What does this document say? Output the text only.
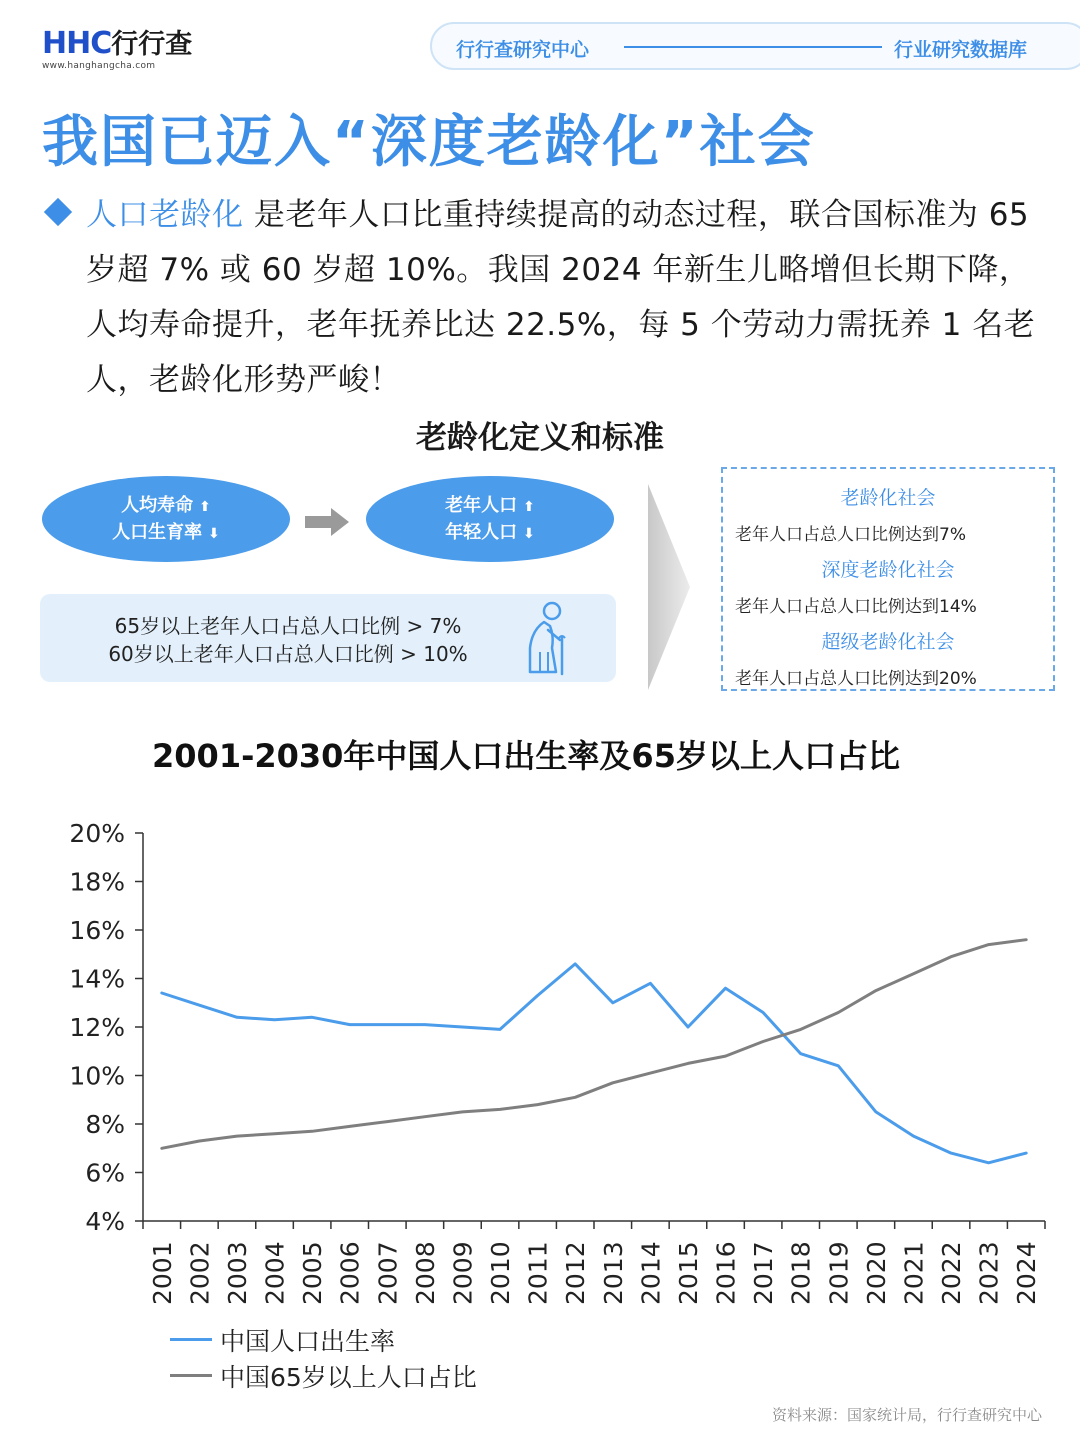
HHC行行查
www.hanghangcha.com
行行查研究中心	行业研究数据库
我国已迈入“深度老龄化”社会

人口老龄化 是老年人口比重持续提高的动态过程，联合国标准为 65 岁超 7% 或 60 岁超 10%。我国 2024 年新生儿略增但长期下降，人均寿命提升，老年抚养比达 22.5%，每 5 个劳动力需抚养 1 名老人，老龄化形势严峻！

老龄化定义和标准
人均寿命 ⬆
人口生育率 ⬇
老年人口 ⬆
年轻人口 ⬇
65岁以上老年人口占总人口比例 > 7%
60岁以上老年人口占总人口比例 > 10%
老龄化社会
老年人口占总人口比例达到7%
深度老龄化社会
老年人口占总人口比例达到14%
超级老龄化社会
老年人口占总人口比例达到20%
2001-2030年中国人口出生率及65岁以上人口占比
4%
6%
8%
10%
12%
14%
16%
18%
20%
2001 2002 2003 2004 2005 2006 2007 2008 2009 2010 2011 2012 2013 2014 2015 2016 2017 2018 2019 2020 2021 2022 2023 2024
中国人口出生率
中国65岁以上人口占比
资料来源：国家统计局，行行查研究中心
